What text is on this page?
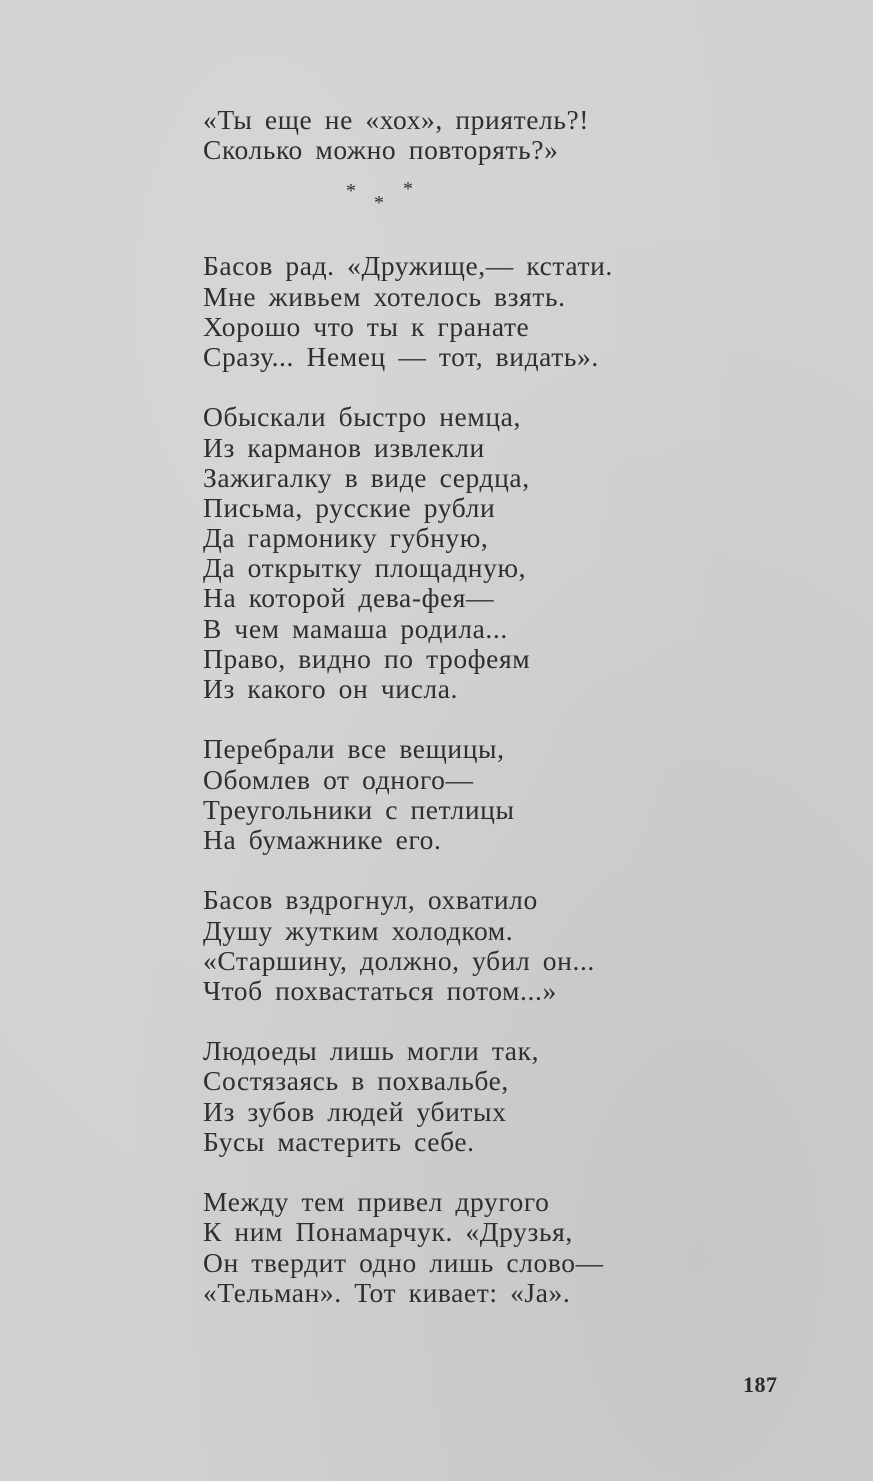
«Ты еще не «хох», приятель?!
Сколько можно повторять?»
* *
*
Басов рад. «Дружище,— кстати.
Мне живьем хотелось взять.
Хорошо что ты к гранате
Сразу... Немец — тот, видать».
Обыскали быстро немца,
Из карманов извлекли
Зажигалку в виде сердца,
Письма, русские рубли
Да гармонику губную,
Да открытку площадную,
На которой дева-фея—
В чем мамаша родила...
Право, видно по трофеям
Из какого он числа.
Перебрали все вещицы,
Обомлев от одного—
Треугольники с петлицы
На бумажнике его.
Басов вздрогнул, охватило
Душу жутким холодком.
«Старшину, должно, убил он...
Чтоб похвастаться потом...»
Людоеды лишь могли так,
Состязаясь в похвальбе,
Из зубов людей убитых
Бусы мастерить себе.
Между тем привел другого
К ним Понамарчук. «Друзья,
Он твердит одно лишь слово—
«Тельман». Тот кивает: «Ja».
187
